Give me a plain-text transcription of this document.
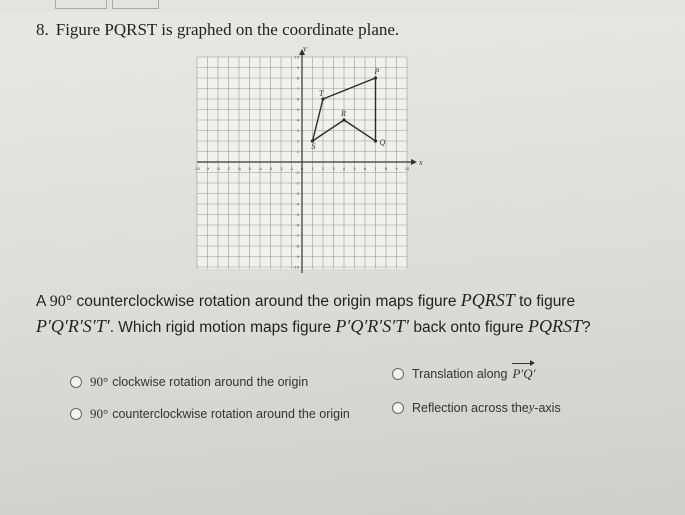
8. Figure PQRST is graphed on the coordinate plane.
x
y
-10 -9 -8 -7 -6 -5 -4 -3 -2 -1 0 1 2 3 4 5 6 7 8 9 10
10
9
8
7
6
5
4
3
2
1
-1
-2
-3
-4
-5
-6
-7
-8
-9
-10
P
Q
R
S
T
A 90° counterclockwise rotation around the origin maps figure PQRST to figure
P′Q′R′S′T′. Which rigid motion maps figure P′Q′R′S′T′ back onto figure PQRST?
90° clockwise rotation around the origin
Translation along P′Q′
90° counterclockwise rotation around the origin	Reflection across the y -axis
